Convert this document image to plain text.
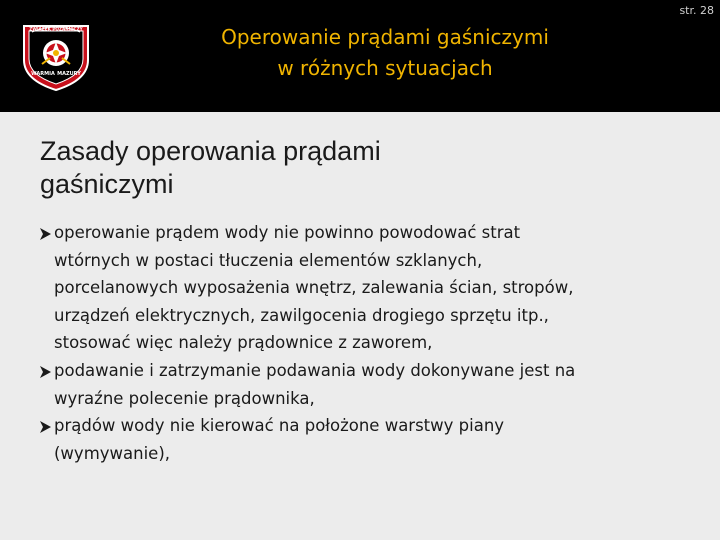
ZWIĄZEK POŻARNICZY
WARMIA MAZURY
Operowanie prądami gaśniczymi
w różnych sytuacjach
str. 28
Zasady operowania prądami
gaśniczymi
operowanie prądem wody nie powinno powodować strat
wtórnych w postaci tłuczenia elementów szklanych,
porcelanowych wyposażenia wnętrz, zalewania ścian, stropów,
urządzeń elektrycznych, zawilgocenia drogiego sprzętu itp.,
stosować więc należy prądownice z zaworem,
podawanie i zatrzymanie podawania wody dokonywane jest na
wyraźne polecenie prądownika,
prądów wody nie kierować na położone warstwy piany
(wymywanie),
